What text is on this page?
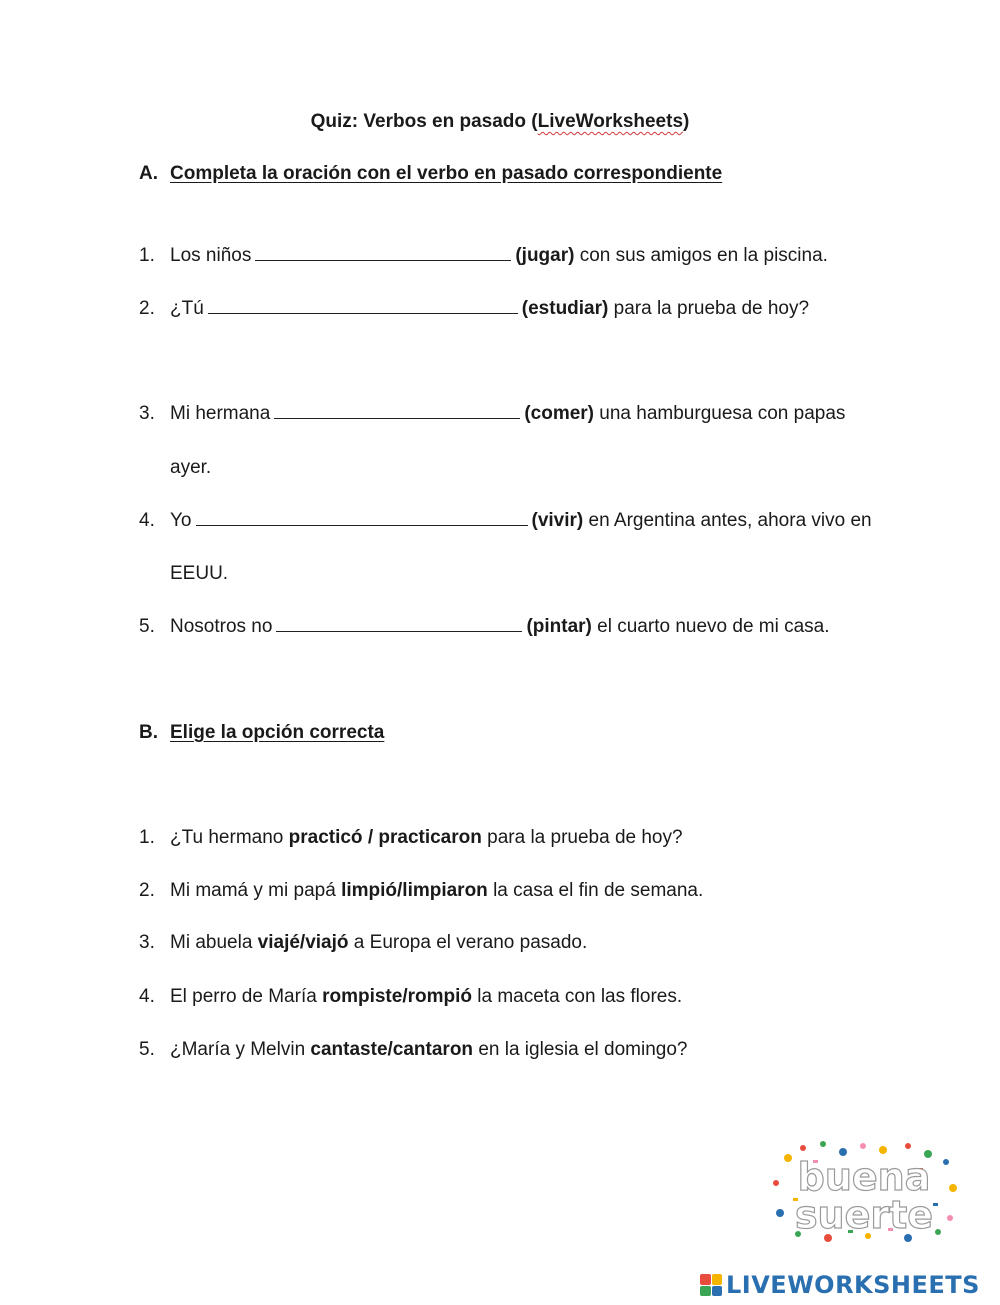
Quiz: Verbos en pasado (LiveWorksheets)
A. Completa la oración con el verbo en pasado correspondiente
1. Los niños	(jugar) con sus amigos en la piscina.
2. ¿Tú	(estudiar) para la prueba de hoy?
3. Mi hermana	(comer) una hamburguesa con papas
ayer.
4. Yo	(vivir) en Argentina antes, ahora vivo en
EEUU.
5. Nosotros no	(pintar) el cuarto nuevo de mi casa.
B. Elige la opción correcta
1. ¿Tu hermano practicó / practicaron para la prueba de hoy?
2. Mi mamá y mi papá limpió/limpiaron la casa el fin de semana.
3. Mi abuela viajé/viajó a Europa el verano pasado.
4. El perro de María rompiste/rompió la maceta con las flores.
5. ¿María y Melvin cantaste/cantaron en la iglesia el domingo?
buena
suerte
LIVEWORKSHEETS
